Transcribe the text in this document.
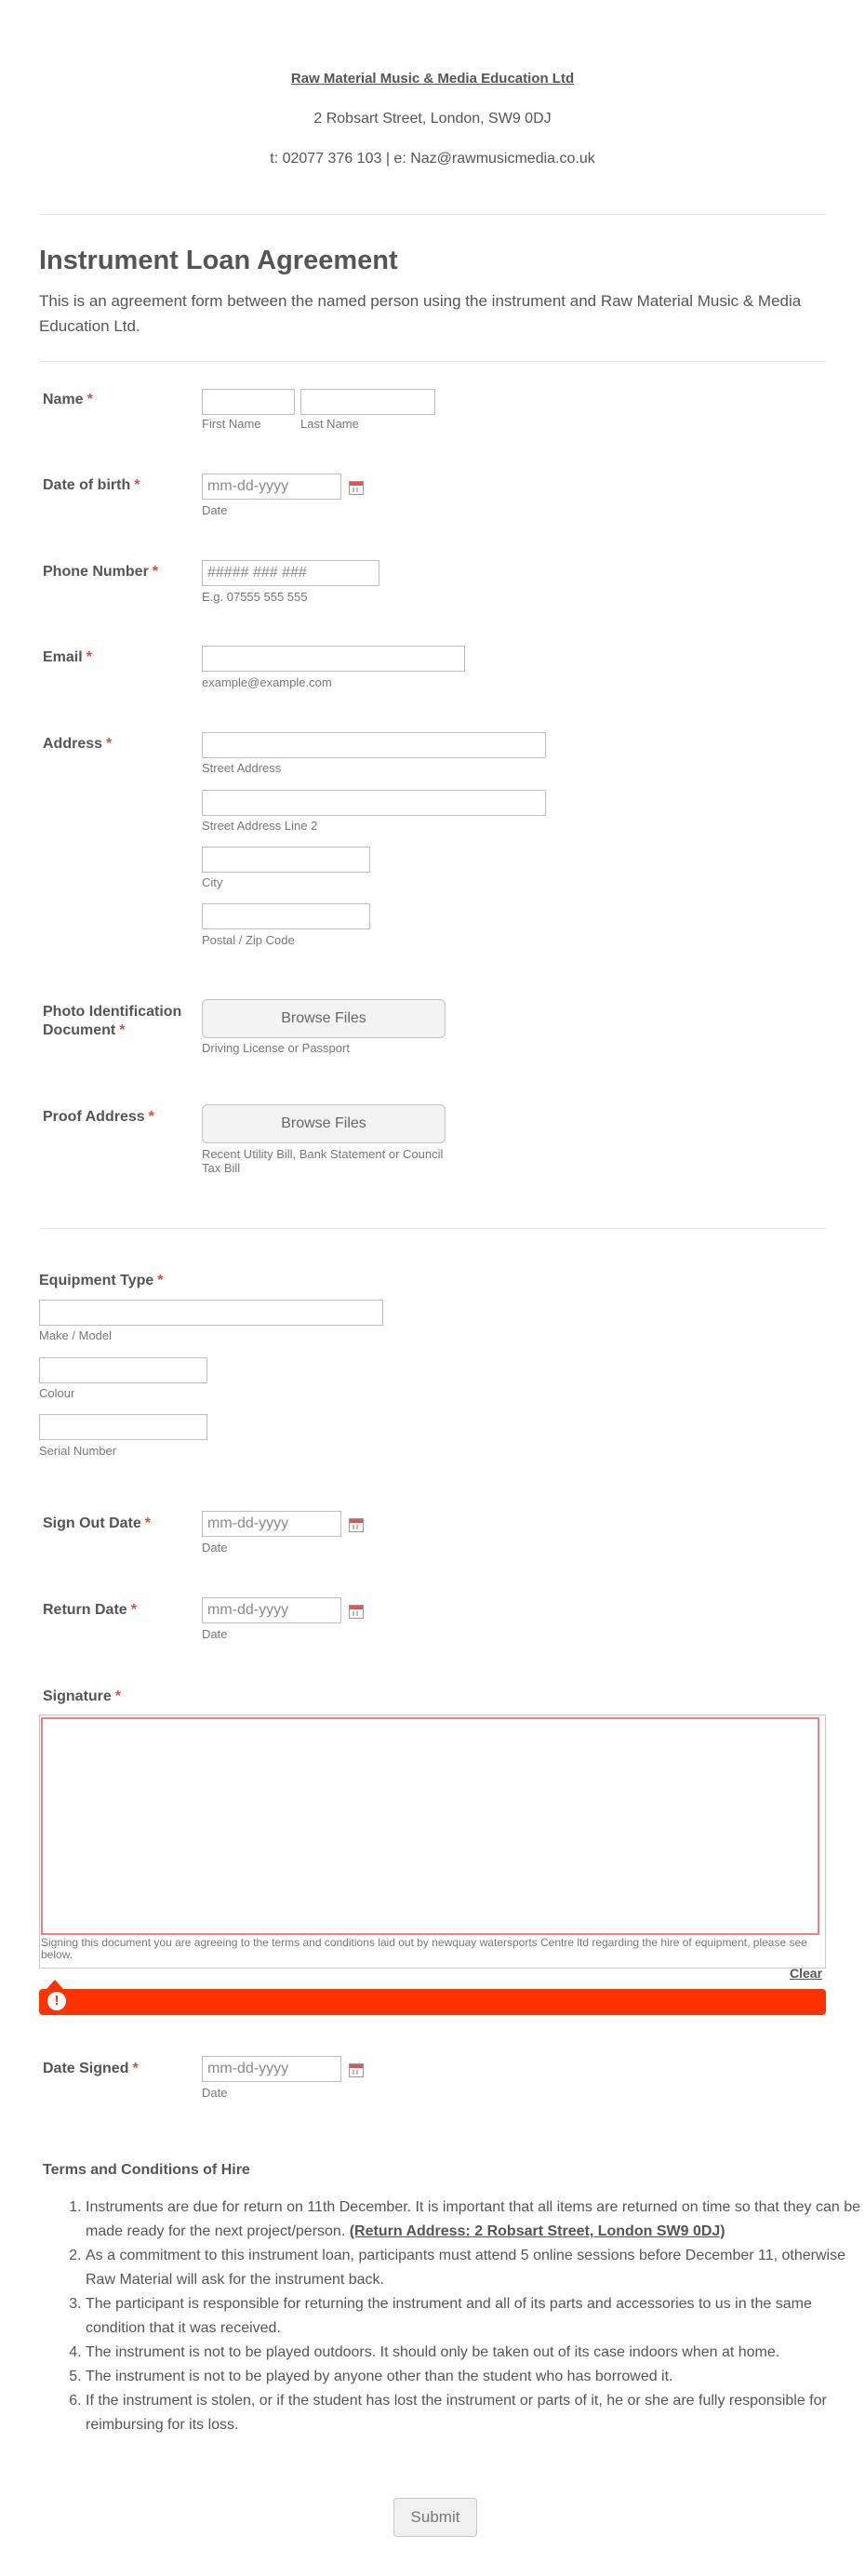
Raw Material Music & Media Education Ltd
2 Robsart Street, London, SW9 0DJ
t: 02077 376 103 | e: Naz@rawmusicmedia.co.uk
Instrument Loan Agreement
This is an agreement form between the named person using the instrument and Raw Material Music & Media Education Ltd.
Name *
First Name	Last Name
Date of birth *
mm-dd-yyyy
Date
Phone Number *
##### ### ###
E.g. 07555 555 555
Email *
example@example.com
Address *
Street Address
Street Address Line 2
City
Postal / Zip Code
Photo Identification
Document *
Browse Files
Driving License or Passport
Proof Address *	Browse Files
Recent Utility Bill, Bank Statement or Council
Tax Bill
Equipment Type *
Make / Model
Colour
Serial Number
Sign Out Date *
mm-dd-yyyy
Date
Return Date *
mm-dd-yyyy
Date
Signature *
Signing this document you are agreeing to the terms and conditions laid out by newquay watersports Centre ltd regarding the hire of equipment, please see below.
Clear
!
Date Signed *
mm-dd-yyyy
Date
Terms and Conditions of Hire
1. Instruments are due for return on 11th December. It is important that all items are returned on time so that they can be made ready for the next project/person. (Return Address: 2 Robsart Street, London SW9 0DJ)
2. As a commitment to this instrument loan, participants must attend 5 online sessions before December 11, otherwise Raw Material will ask for the instrument back.
3. The participant is responsible for returning the instrument and all of its parts and accessories to us in the same condition that it was received.
4. The instrument is not to be played outdoors. It should only be taken out of its case indoors when at home.
5. The instrument is not to be played by anyone other than the student who has borrowed it.
6. If the instrument is stolen, or if the student has lost the instrument or parts of it, he or she are fully responsible for reimbursing for its loss.
Submit
